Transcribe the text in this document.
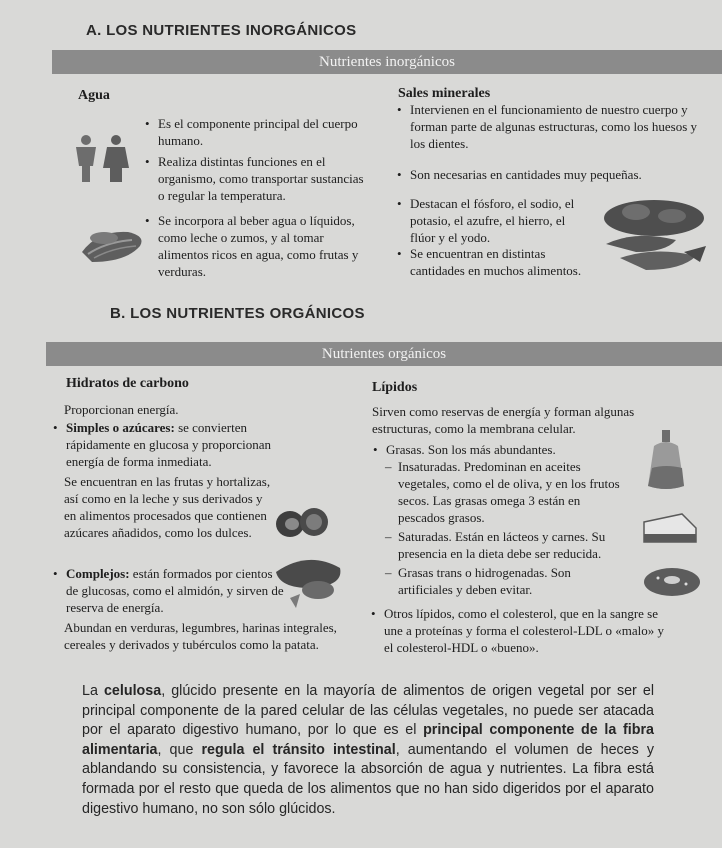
A. LOS NUTRIENTES INORGÁNICOS
Nutrientes inorgánicos
Agua
• Es el componente principal del cuerpo humano.
• Realiza distintas funciones en el organismo, como transportar sustancias o regular la temperatura.
• Se incorpora al beber agua o líquidos, como leche o zumos, y al tomar alimentos ricos en agua, como frutas y verduras.
Sales minerales
• Intervienen en el funcionamiento de nuestro cuerpo y forman parte de algunas estructuras, como los huesos y los dientes.
• Son necesarias en cantidades muy pequeñas.
• Destacan el fósforo, el sodio, el potasio, el azufre, el hierro, el flúor y el yodo.
• Se encuentran en distintas cantidades en muchos alimentos.
B. LOS NUTRIENTES ORGÁNICOS
Nutrientes orgánicos
Hidratos de carbono
Proporcionan energía.
• Simples o azúcares: se convierten rápidamente en glucosa y proporcionan energía de forma inmediata.
Se encuentran en las frutas y hortalizas, así como en la leche y sus derivados y en alimentos procesados que contienen azúcares añadidos, como los dulces.
• Complejos: están formados por cientos de glucosas, como el almidón, y sirven de reserva de energía.
Abundan en verduras, legumbres, harinas integrales, cereales y derivados y tubérculos como la patata.
Lípidos
Sirven como reservas de energía y forman algunas estructuras, como la membrana celular.
• Grasas. Son los más abundantes.
– Insaturadas. Predominan en aceites vegetales, como el de oliva, y en los frutos secos. Las grasas omega 3 están en pescados grasos.
– Saturadas. Están en lácteos y carnes. Su presencia en la dieta debe ser reducida.
– Grasas trans o hidrogenadas. Son artificiales y deben evitar.
• Otros lípidos, como el colesterol, que en la sangre se une a proteínas y forma el colesterol-LDL o «malo» y el colesterol-HDL o «bueno».
La celulosa, glúcido presente en la mayoría de alimentos de origen vegetal por ser el principal componente de la pared celular de las células vegetales, no puede ser atacada por el aparato digestivo humano, por lo que es el principal componente de la fibra alimentaria, que regula el tránsito intestinal, aumentando el volumen de heces y ablandando su consistencia, y favorece la absorción de agua y nutrientes. La fibra está formada por el resto que queda de los alimentos que no han sido digeridos por el aparato digestivo humano, no son sólo glúcidos.
